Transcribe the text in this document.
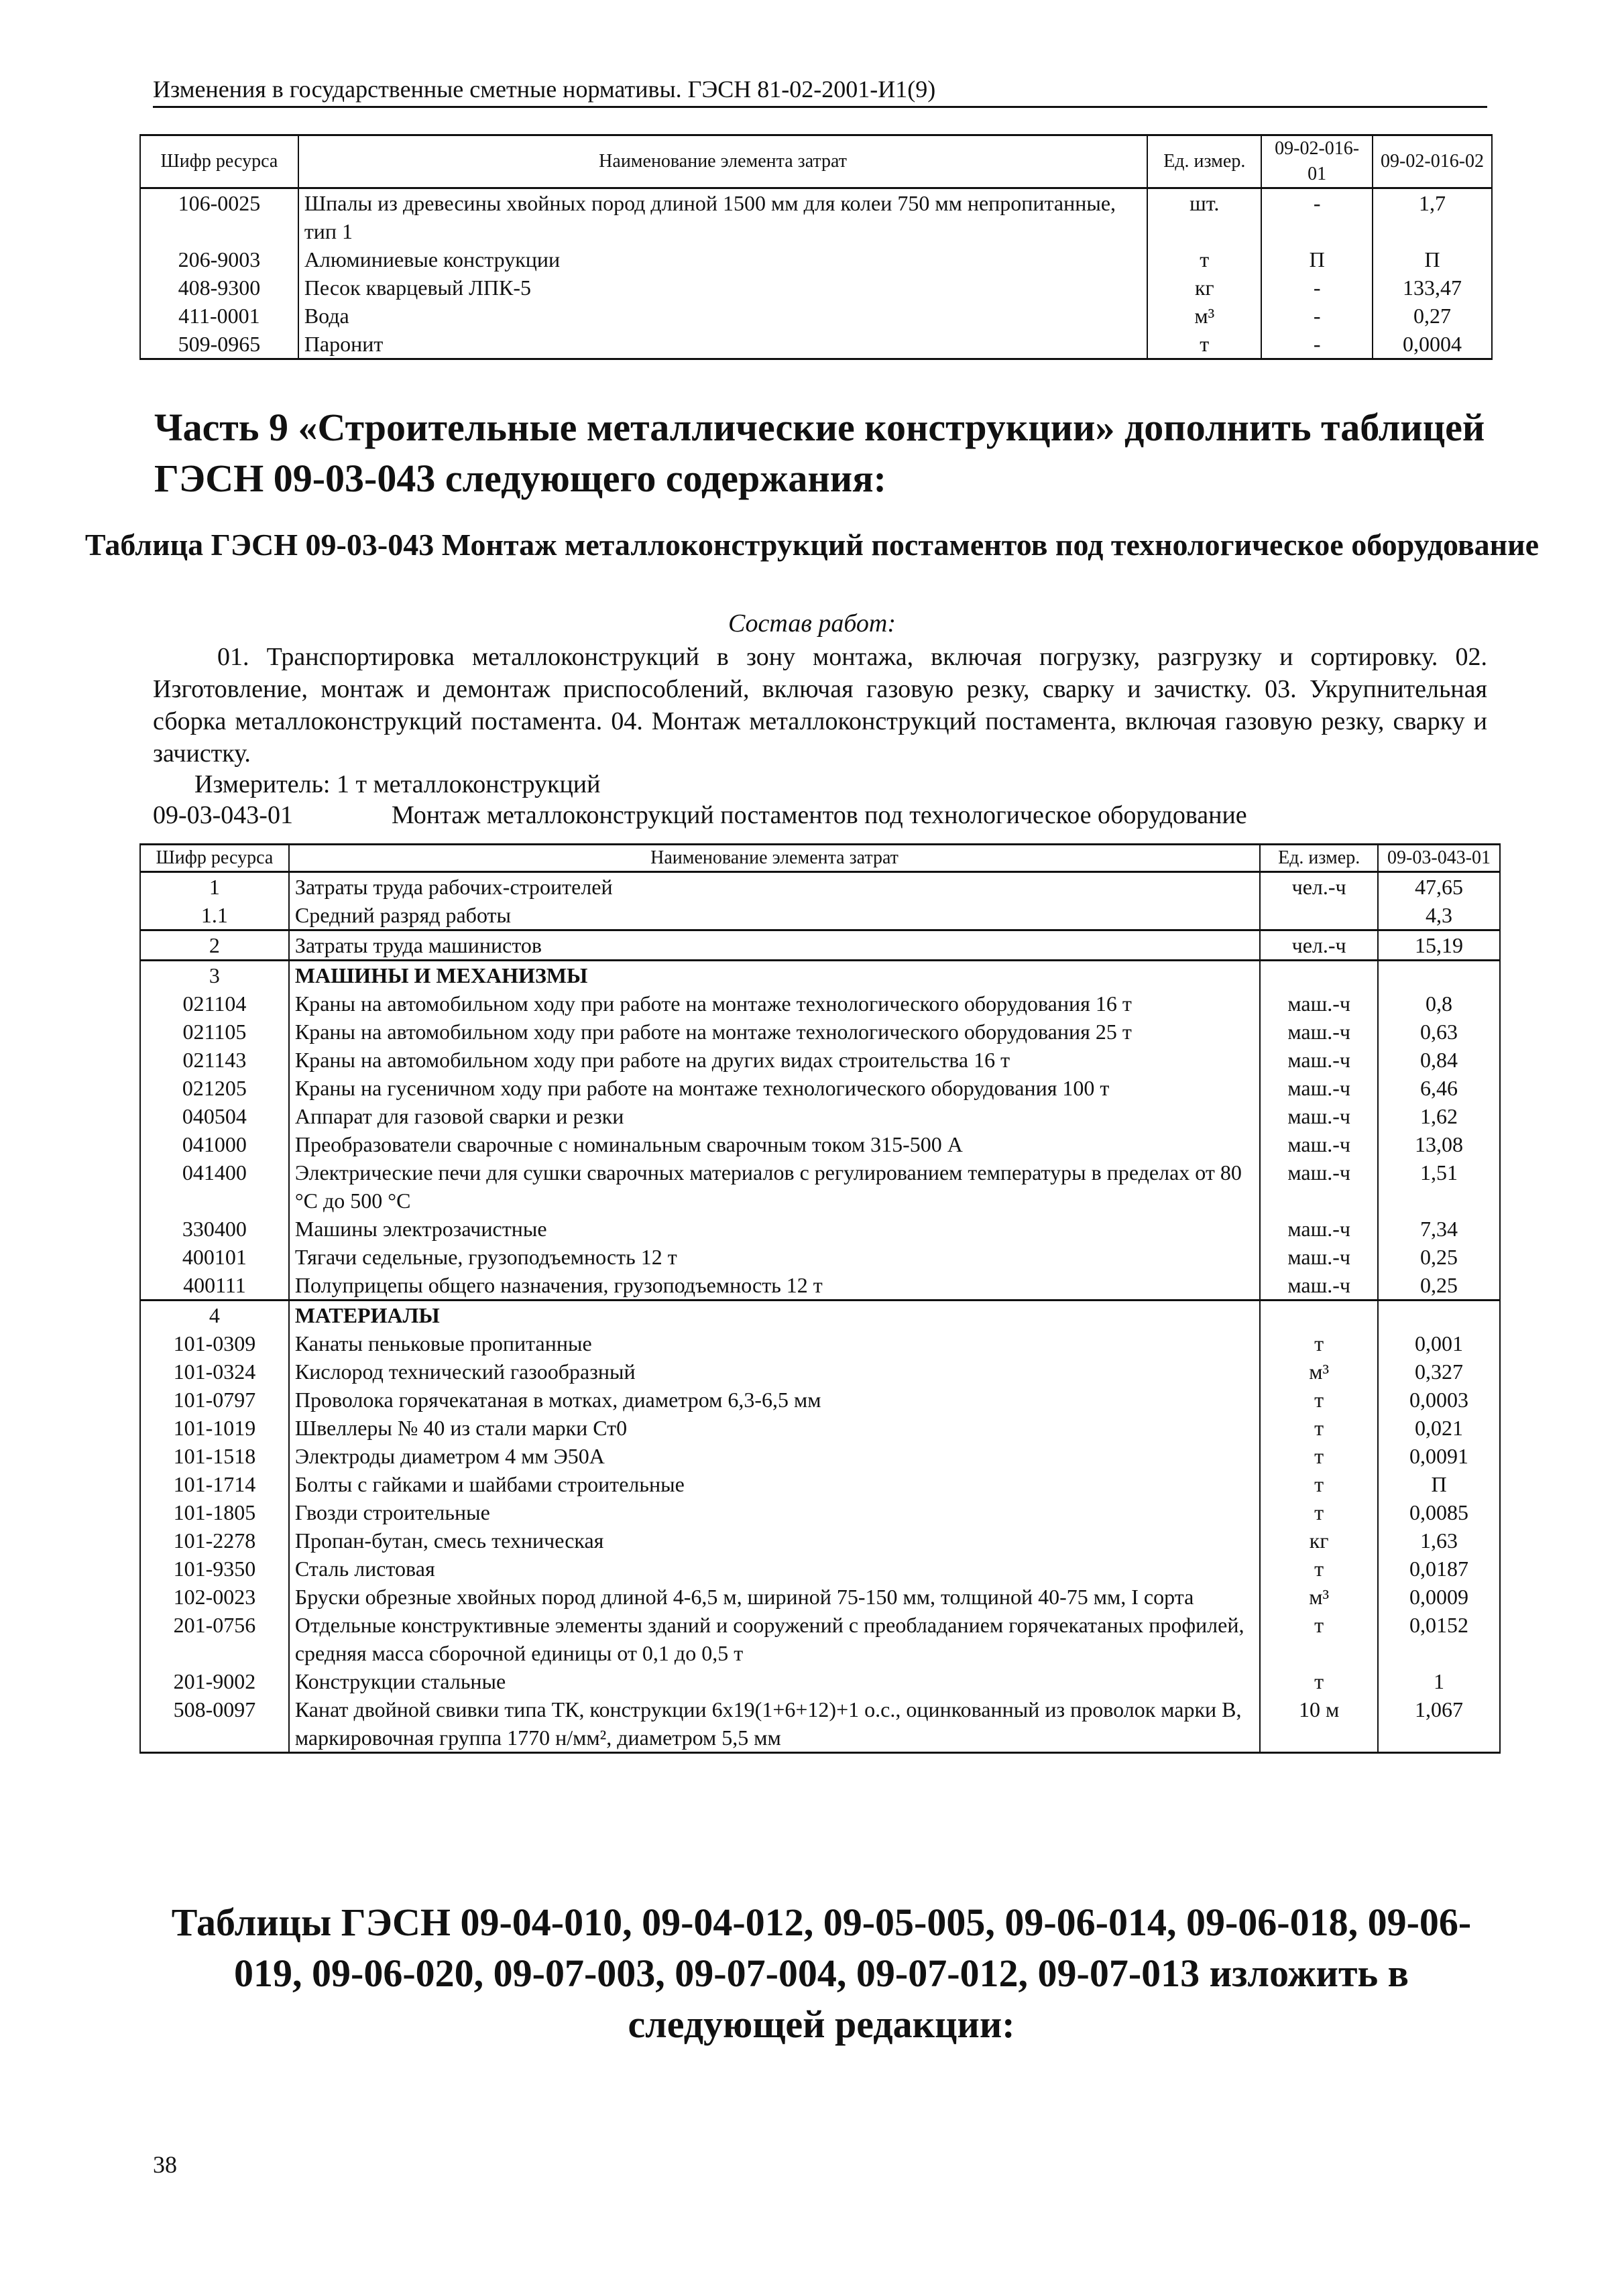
Изменения в государственные сметные нормативы. ГЭСН 81-02-2001-И1(9)
Шифр ресурса	Наименование элемента затрат	Ед. измер.	09-02-016-01	09-02-016-02
106-0025	Шпалы из древесины хвойных пород длиной 1500 мм для колеи 750 мм непропитанные, тип 1	шт.	-	1,7
206-9003	Алюминиевые конструкции	т	П	П
408-9300	Песок кварцевый ЛПК-5	кг	-	133,47
411-0001	Вода	м³	-	0,27
509-0965	Паронит	т	-	0,0004
Часть 9 «Строительные металлические конструкции» дополнить таблицей ГЭСН 09-03-043 следующего содержания:
Таблица ГЭСН 09-03-043 Монтаж металлоконструкций постаментов под технологическое оборудование
Состав работ:
01. Транспортировка металлоконструкций в зону монтажа, включая погрузку, разгрузку и сортировку. 02. Изготовление, монтаж и демонтаж приспособлений, включая газовую резку, сварку и зачистку. 03. Укрупнительная сборка металлоконструкций постамента. 04. Монтаж металлоконструкций постамента, включая газовую резку, сварку и зачистку.
Измеритель: 1 т металлоконструкций
09-03-043-01	Монтаж металлоконструкций постаментов под технологическое оборудование
Шифр ресурса	Наименование элемента затрат	Ед. измер.	09-03-043-01
1	Затраты труда рабочих-строителей	чел.-ч	47,65
1.1	Средний разряд работы		4,3
2	Затраты труда машинистов	чел.-ч	15,19
3	МАШИНЫ И МЕХАНИЗМЫ		
021104	Краны на автомобильном ходу при работе на монтаже технологического оборудования 16 т	маш.-ч	0,8
021105	Краны на автомобильном ходу при работе на монтаже технологического оборудования 25 т	маш.-ч	0,63
021143	Краны на автомобильном ходу при работе на других видах строительства 16 т	маш.-ч	0,84
021205	Краны на гусеничном ходу при работе на монтаже технологического оборудования 100 т	маш.-ч	6,46
040504	Аппарат для газовой сварки и резки	маш.-ч	1,62
041000	Преобразователи сварочные с номинальным сварочным током 315-500 А	маш.-ч	13,08
041400	Электрические печи для сушки сварочных материалов с регулированием температуры в пределах от 80 °С до 500 °С	маш.-ч	1,51
330400	Машины электрозачистные	маш.-ч	7,34
400101	Тягачи седельные, грузоподъемность 12 т	маш.-ч	0,25
400111	Полуприцепы общего назначения, грузоподъемность 12 т	маш.-ч	0,25
4	МАТЕРИАЛЫ		
101-0309	Канаты пеньковые пропитанные	т	0,001
101-0324	Кислород технический газообразный	м³	0,327
101-0797	Проволока горячекатаная в мотках, диаметром 6,3-6,5 мм	т	0,0003
101-1019	Швеллеры № 40 из стали марки Ст0	т	0,021
101-1518	Электроды диаметром 4 мм Э50А	т	0,0091
101-1714	Болты с гайками и шайбами строительные	т	П
101-1805	Гвозди строительные	т	0,0085
101-2278	Пропан-бутан, смесь техническая	кг	1,63
101-9350	Сталь листовая	т	0,0187
102-0023	Бруски обрезные хвойных пород длиной 4-6,5 м, шириной 75-150 мм, толщиной 40-75 мм, I сорта	м³	0,0009
201-0756	Отдельные конструктивные элементы зданий и сооружений с преобладанием горячекатаных профилей, средняя масса сборочной единицы от 0,1 до 0,5 т	т	0,0152
201-9002	Конструкции стальные	т	1
508-0097	Канат двойной свивки типа ТК, конструкции 6х19(1+6+12)+1 о.с., оцинкованный из проволок марки В, маркировочная группа 1770 н/мм², диаметром 5,5 мм	10 м	1,067
Таблицы ГЭСН 09-04-010, 09-04-012, 09-05-005, 09-06-014, 09-06-018, 09-06-019, 09-06-020, 09-07-003, 09-07-004, 09-07-012, 09-07-013 изложить в следующей редакции:
38
